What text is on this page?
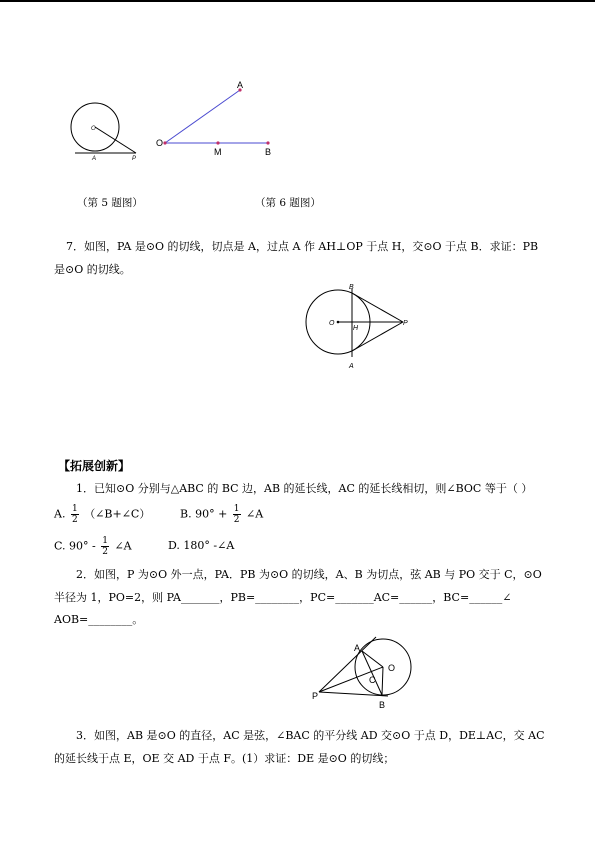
O
A	P
A
O
M	B
（第 5 题图）	（第 6 题图）
7．如图，PA 是⊙O 的切线，切点是 A，过点 A 作 AH⊥OP 于点 H，交⊙O 于点 B．求证：PB
是⊙O 的切线。
B
O
H
P
A
【拓展创新】
1．已知⊙O 分别与△ABC 的 BC 边，AB 的延长线，AC 的延长线相切，则∠BOC 等于（ ）
A. $\frac{1}{2}$ （∠B+∠C）	B. $90^\circ + \frac{1}{2}$ ∠A
C. $90^\circ - \frac{1}{2}$ ∠A	D. 180° -∠A
2．如图，P 为⊙O 外一点，PA．PB 为⊙O 的切线，A、B 为切点，弦 AB 与 PO 交于 C，⊙O
半径为 1，PO=2，则 PA_______，PB=________，PC=_______AC=______，BC=______∠
AOB=________。
A
O
C
P
B
3．如图，AB 是⊙O 的直径，AC 是弦，∠BAC 的平分线 AD 交⊙O 于点 D，DE⊥AC，交 AC
的延长线于点 E，OE 交 AD 于点 F。(1）求证：DE 是⊙O 的切线；
